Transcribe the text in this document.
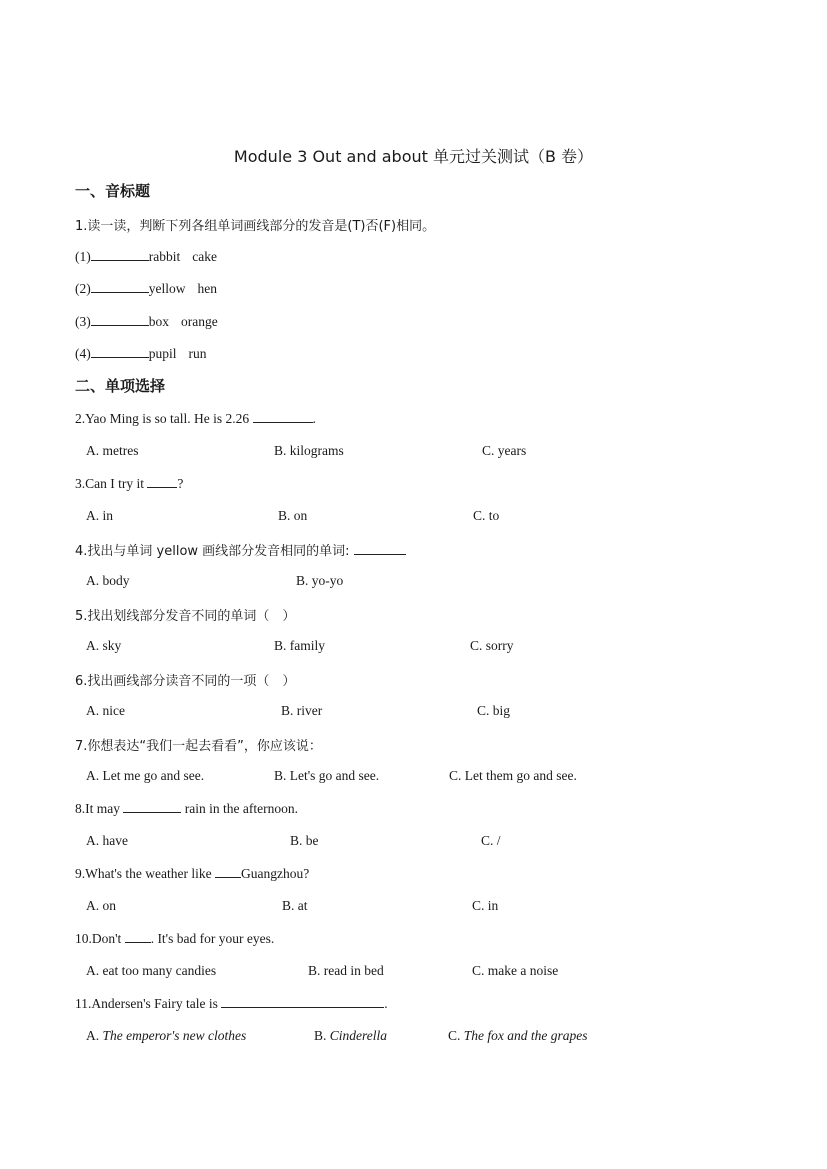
Module 3 Out and about 单元过关测试（B 卷）
一、音标题
1.读一读，判断下列各组单词画线部分的发音是(T)否(F)相同。
(1)	rabbit cake
(2)	yellow hen
(3)	box orange
(4)	pupil run
二、单项选择
2.Yao Ming is so tall. He is 2.26	.
A. metres	B. kilograms	C. years
3.Can I try it ?
A. in	B. on	C. to
4.找出与单词 yellow 画线部分发音相同的单词:
A. body	B. yo-yo
5.找出划线部分发音不同的单词（　）
A. sky	B. family	C. sorry
6.找出画线部分读音不同的一项（　）
A. nice	B. river	C. big
7.你想表达“我们一起去看看”，你应该说：
A. Let me go and see.	B. Let's go and see.	C. Let them go and see.
8.It may	rain in the afternoon.
A. have	B. be	C. /
9.What's the weather like Guangzhou?
A. on	B. at	C. in
10.Don't . It's bad for your eyes.
A. eat too many candies	B. read in bed	C. make a noise
11.Andersen's Fairy tale is	.
A. The emperor's new clothes	B. Cinderella	C. The fox and the grapes
